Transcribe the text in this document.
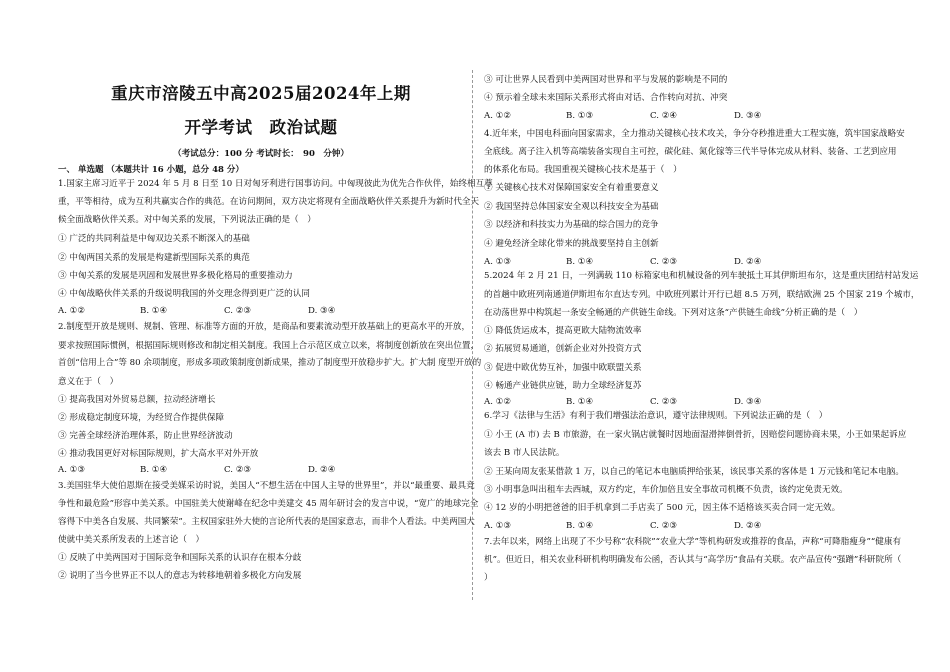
重庆市涪陵五中高2025届2024年上期
开学考试　政治试题
（考试总分：100 分 考试时长：　90　分钟）
一、 单选题 （本题共计 16 小题，总分 48 分）
1.国家主席习近平于 2024 年 5 月 8 日至 10 日对匈牙利进行国事访问。中匈现彼此为优先合作伙伴，始终相互尊
重，平等相待，成为互利共赢实合作的典范。在访问期间，双方决定将现有全面战略伙伴关系提升为新时代全天
候全面战略伙伴关系。对中匈关系的发展，下列说法正确的是（　）
① 广泛的共同利益是中匈双边关系不断深入的基础
② 中匈两国关系的发展是构建新型国际关系的典范
③ 中匈关系的发展是巩固和发展世界多极化格局的重要推动力
④ 中匈战略伙伴关系的升级说明我国的外交理念得到更广泛的认同
2.制度型开放是规则、规制、管理、标准等方面的开放，是商品和要素流动型开放基础上的更高水平的开放，
要求按照国际惯例，根据国际规则修改和制定相关制度。我国上合示范区成立以来，将制度创新放在突出位置，
首创“信用上合”等 80 余项制度，形成多项政策制度创新成果，推动了制度型开放稳步扩大。扩大制 度型开放的
意义在于（　）
① 提高我国对外贸易总额，拉动经济增长
② 形成稳定制度环境，为经贸合作提供保障
③ 完善全球经济治理体系，防止世界经济波动
④ 推动我国更好对标国际规则，扩大高水平对外开放
3.美国驻华大使伯恩斯在接受美媒采访时说，美国人“不想生活在中国人主导的世界里”，并以“最重要、最具竞
争性和最危险”形容中美关系。中国驻美大使谢峰在纪念中美建交 45 周年研讨会的发言中说，“宽广的地球完全
容得下中美各自发展、共同繁荣”。主权国家驻外大使的言论所代表的是国家意志，而非个人看法。中美两国大
使就中美关系所发表的上述言论（　）
① 反映了中美两国对于国际竞争和国际关系的认识存在根本分歧
② 说明了当今世界正不以人的意志为转移地朝着多极化方向发展
A. ①②	B. ①④	C. ②③	D. ③④
A. ①③	B. ①④	C. ②③	D. ②④
③ 可让世界人民看到中美两国对世界和平与发展的影响是不同的
④ 预示着全球未来国际关系形式将由对话、合作转向对抗、冲突
4.近年来，中国电科面向国家需求，全力推动关键核心技术攻关，争分夺秒推进重大工程实施，筑牢国家战略安
全底线。离子注入机等高端装备实现自主可控，碳化硅、氮化镓等三代半导体完成从材料、装备、工艺到应用
的体系化布局。我国重视关键核心技术是基于（　）
① 关键核心技术对保障国家安全有着重要意义
② 我国坚持总体国家安全观以科技安全为基础
③ 以经济和科技实力为基础的综合国力的竞争
④ 避免经济全球化带来的挑战要坚持自主创新
5.2024 年 2 月 21 日，一列满载 110 标箱家电和机械设备的列车驶抵土耳其伊斯坦布尔，这是重庆团结村站发运
的首趟中欧班列南通道伊斯坦布尔直达专列。中欧班列累计开行已超 8.5 万列，联结欧洲 25 个国家 219 个城市，
在动荡世界中构筑起一条安全畅通的产供链生命线。下列对这条“产供链生命线”分析正确的是（　）
① 降低货运成本，提高更欧大陆物流效率
② 拓展贸易通道，创新企业对外投资方式
③ 促进中欧优势互补，加强中欧联盟关系
④ 畅通产业链供应链，助力全球经济复苏
6.学习《法律与生活》有利于我们增强法治意识，遵守法律规则。下列说法正确的是（　）
① 小王 (A 市) 去 B 市旅游，在一家火锅店就餐时因地面湿滑摔倒骨折，因赔偿问题协商未果，小王如果起诉应
该去 B 市人民法院。
② 王某向周友张某借款 1 万，以自己的笔记本电脑质押给张某，该民事关系的客体是 1 万元钱和笔记本电脑。
③ 小明事急叫出租车去西城，双方约定，车价加倍且安全事故司机概不负责，该约定免责无效。
④ 12 岁的小明把爸爸的旧手机拿到二手店卖了 500 元，因主体不适格该买卖合同一定无效。
7.去年以来，网络上出现了不少号称“农科院”“农业大学”等机构研发或推荐的食品，声称“可降脂瘦身”“健康有
机”。但近日，相关农业科研机构明确发布公函，否认其与“高学历”食品有关联。农产品宣传“强蹭”科研院所（
）
A. ①②	B. ①③	C. ②④	D. ③④
A. ①③	B. ①④	C. ②③	D. ②④
A. ①②	B. ①④	C. ②③	D. ③④
A. ①③	B. ①④	C. ②③	D. ②④
